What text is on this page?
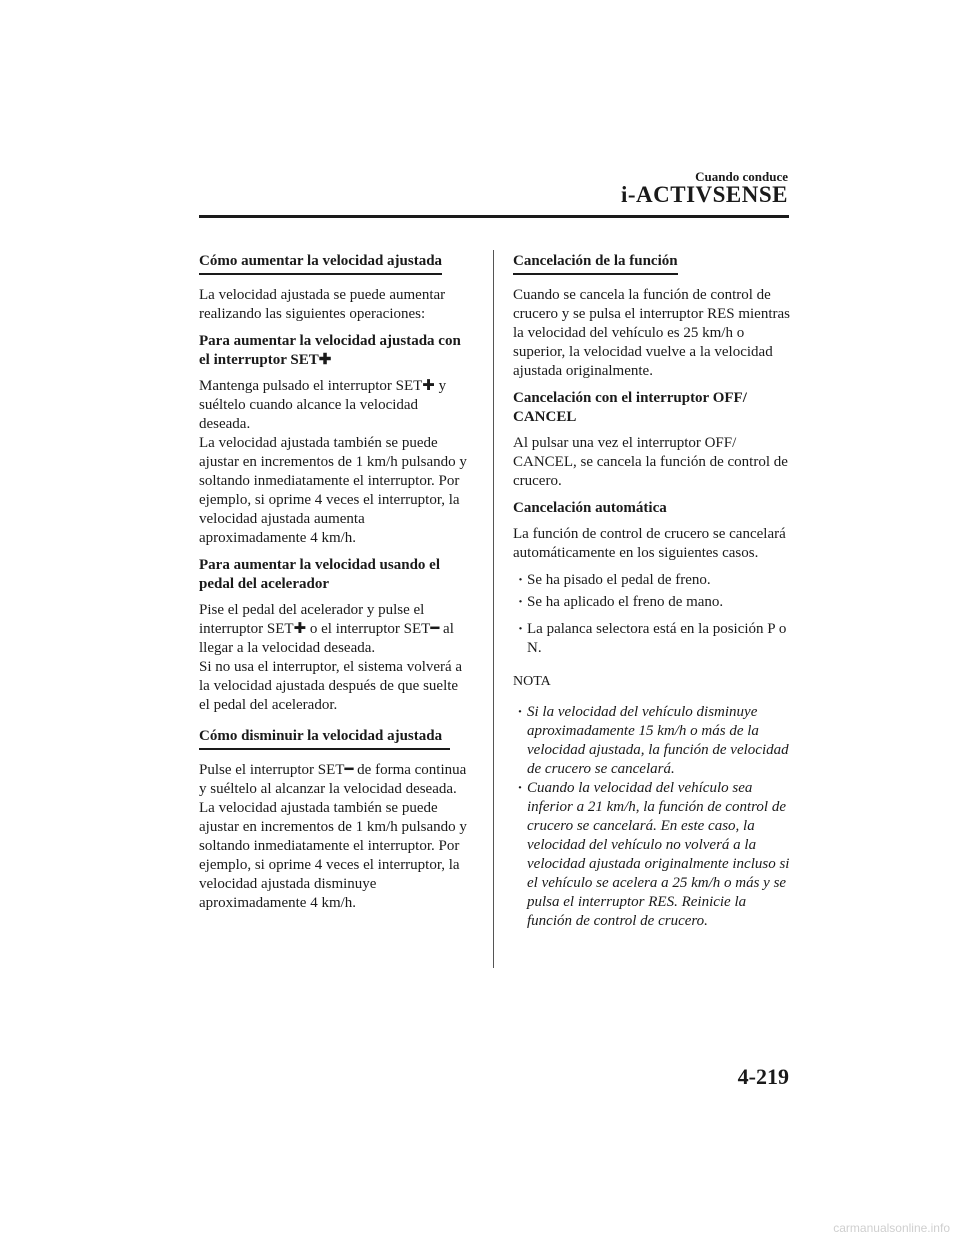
Cuando conduce
i-ACTIVSENSE
Cómo aumentar la velocidad ajustada

La velocidad ajustada se puede aumentar realizando las siguientes operaciones:

Para aumentar la velocidad ajustada con el interruptor SET✚

Mantenga pulsado el interruptor SET✚ y suéltelo cuando alcance la velocidad deseada.

La velocidad ajustada también se puede ajustar en incrementos de 1 km/h pulsando y soltando inmediatamente el interruptor. Por ejemplo, si oprime 4 veces el interruptor, la velocidad ajustada aumenta aproximadamente 4 km/h.

Para aumentar la velocidad usando el pedal del acelerador

Pise el pedal del acelerador y pulse el interruptor SET✚ o el interruptor SET━ al llegar a la velocidad deseada.

Si no usa el interruptor, el sistema volverá a la velocidad ajustada después de que suelte el pedal del acelerador.

Cómo disminuir la velocidad ajustada

Pulse el interruptor SET━ de forma continua y suéltelo al alcanzar la velocidad deseada.

La velocidad ajustada también se puede ajustar en incrementos de 1 km/h pulsando y soltando inmediatamente el interruptor. Por ejemplo, si oprime 4 veces el interruptor, la velocidad ajustada disminuye aproximadamente 4 km/h.

Cancelación de la función

Cuando se cancela la función de control de crucero y se pulsa el interruptor RES mientras la velocidad del vehículo es 25 km/h o superior, la velocidad vuelve a la velocidad ajustada originalmente.

Cancelación con el interruptor OFF/ CANCEL

Al pulsar una vez el interruptor OFF/ CANCEL, se cancela la función de control de crucero.

Cancelación automática

La función de control de crucero se cancelará automáticamente en los siguientes casos.

· Se ha pisado el pedal de freno.
· Se ha aplicado el freno de mano.
· La palanca selectora está en la posición P o N.
NOTA
· Si la velocidad del vehículo disminuye aproximadamente 15 km/h o más de la velocidad ajustada, la función de velocidad de crucero se cancelará.
· Cuando la velocidad del vehículo sea inferior a 21 km/h, la función de control de crucero se cancelará. En este caso, la velocidad del vehículo no volverá a la velocidad ajustada originalmente incluso si el vehículo se acelera a 25 km/h o más y se pulsa el interruptor RES. Reinicie la función de control de crucero.
4-219
carmanualsonline.info
